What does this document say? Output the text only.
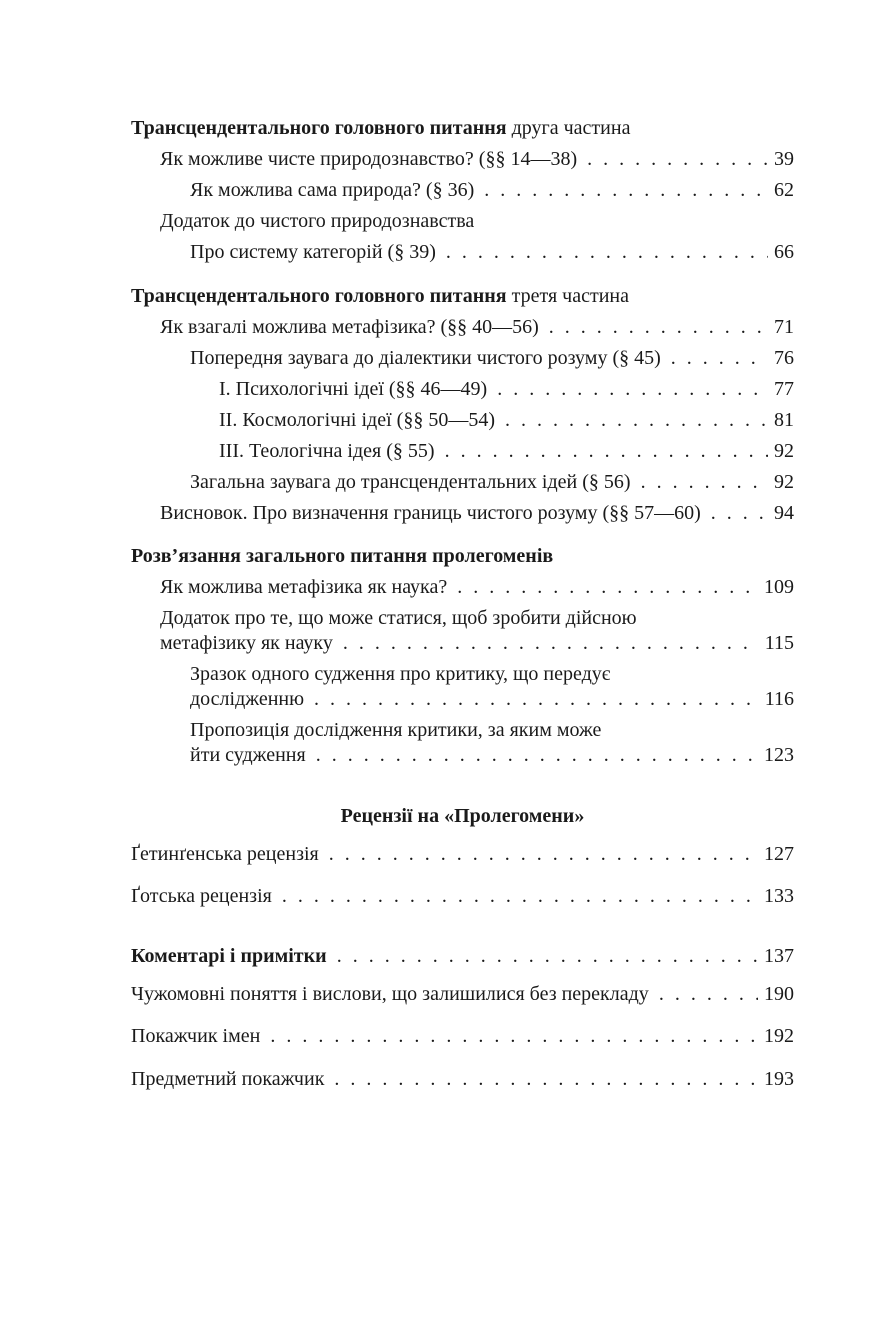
Трансцендентального головного питання друга частина
Як можливе чисте природознавство? (§§ 14—38) . . .	39
Як можлива сама природа? (§ 36) . . .	62
Додаток до чистого природознавства
Про систему категорій (§ 39) . . .	66
Трансцендентального головного питання третя частина
Як взагалі можлива метафізика? (§§ 40—56) . . .	71
Попередня заувага до діалектики чистого розуму (§ 45) . . .	76
I. Психологічні ідеї (§§ 46—49) . . .	77
II. Космологічні ідеї (§§ 50—54) . . .	81
III. Теологічна ідея (§ 55) . . .	92
Загальна заувага до трансцендентальних ідей (§ 56) . . .	92
Висновок. Про визначення границь чистого розуму (§§ 57—60) . . .	94
Розв’язання загального питання пролегоменів
Як можлива метафізика як наука? . . .	109
Додаток про те, що може статися, щоб зробити дійсною
метафізику як науку . . .	115
Зразок одного судження про критику, що передує
дослідженню . . .	116
Пропозиція дослідження критики, за яким може
йти судження . . .	123
Рецензії на «Пролегомени»
Ґетинґенська рецензія . . .	127
Ґотська рецензія . . .	133
Коментарі і примітки . . .	137
Чужомовні поняття і вислови, що залишилися без перекладу . . .	190
Покажчик імен . . .	192
Предметний покажчик . . .	193
